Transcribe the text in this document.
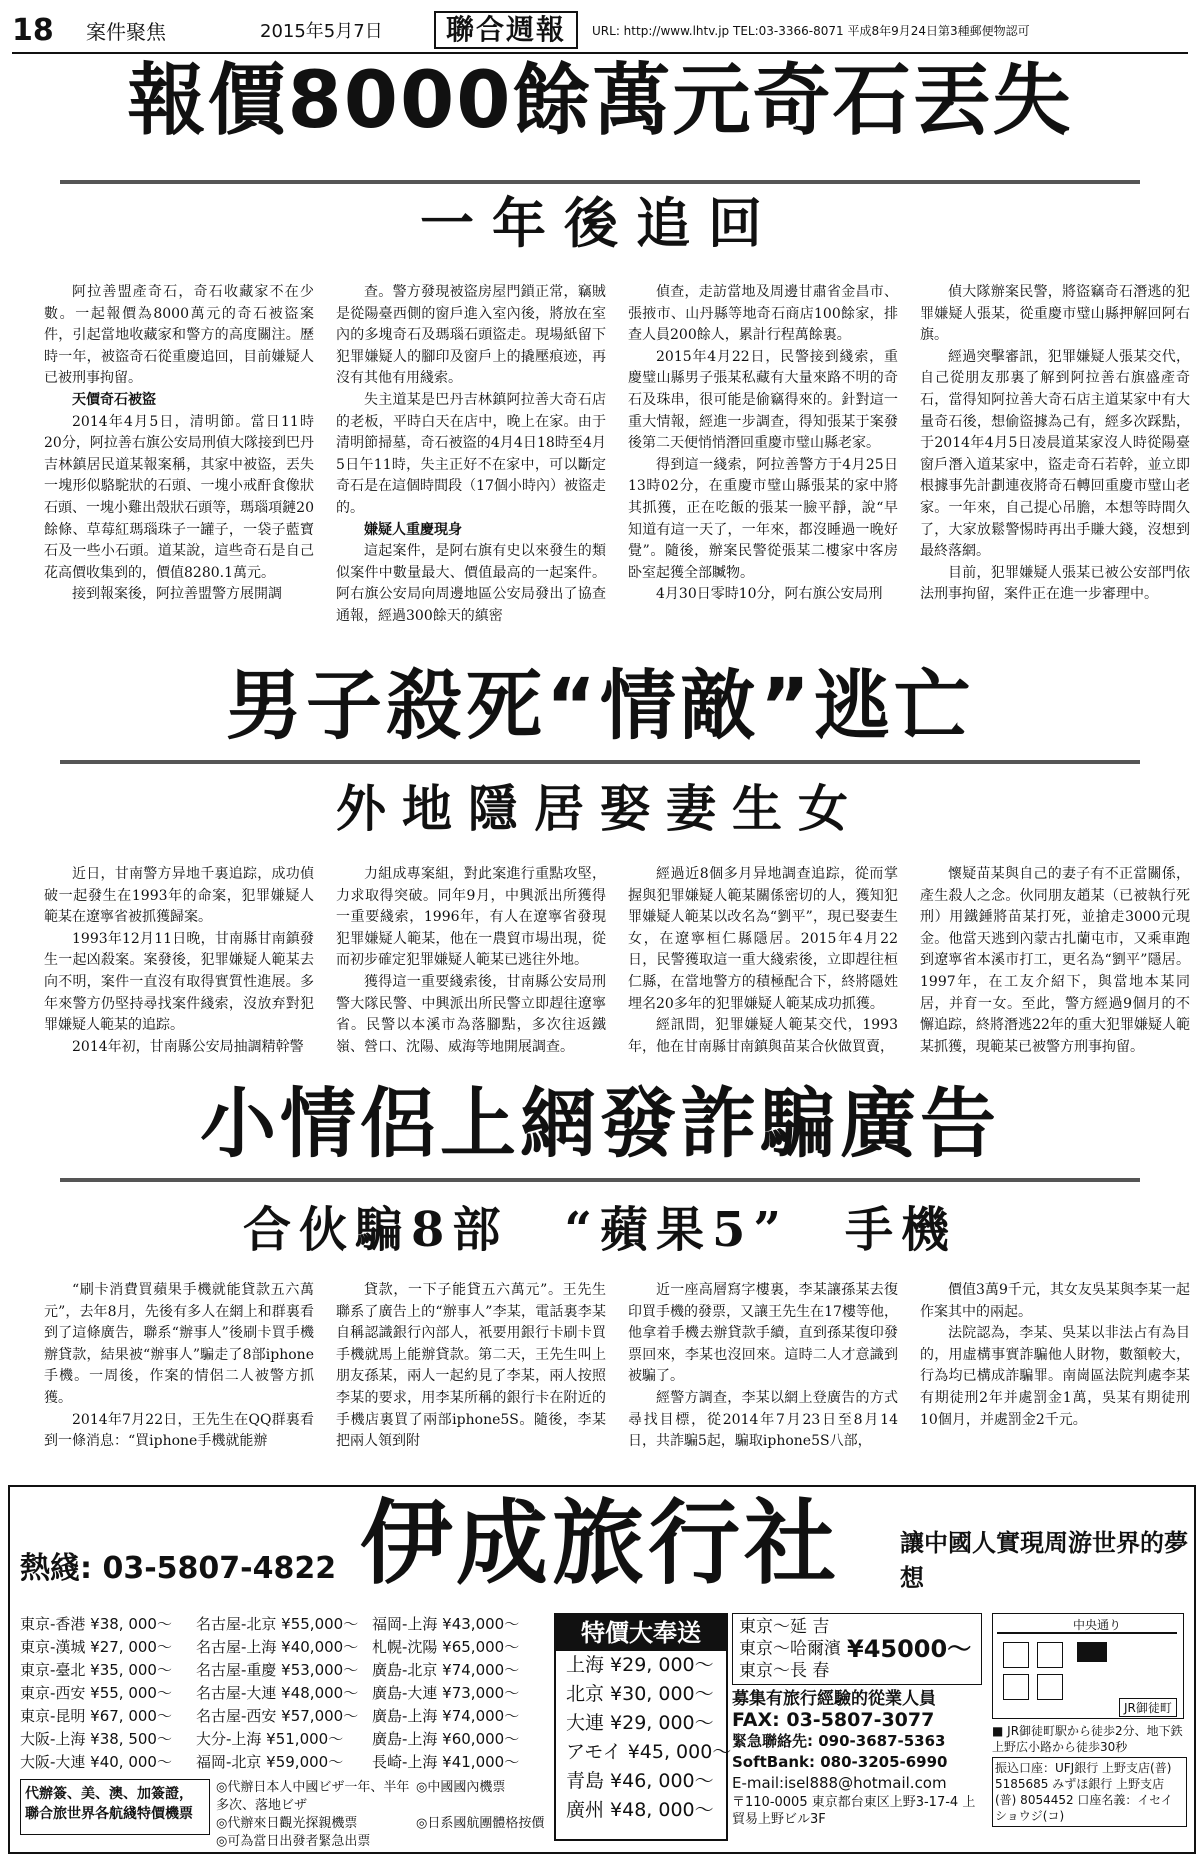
18	案件聚焦	2015年5月7日	聯合週報	URL: http://www.lhtv.jp TEL:03-3366-8071 平成8年9月24日第3種郵便物認可
報價8000餘萬元奇石丟失
一年後追回

阿拉善盟產奇石，奇石收藏家不在少數。一起報價為8000萬元的奇石被盜案件，引起當地收藏家和警方的高度關注。歷時一年，被盜奇石從重慶追回，目前嫌疑人已被刑事拘留。

天價奇石被盜

2014年4月5日，清明節。當日11時20分，阿拉善右旗公安局刑偵大隊接到巴丹吉林鎮居民道某報案稱，其家中被盜，丟失一塊形似駱駝狀的石頭、一塊小戒酐食像狀石頭、一塊小雞出殼狀石頭等，瑪瑙項鏈20餘條、草莓紅瑪瑙珠子一罐子，一袋子藍寶石及一些小石頭。道某說，這些奇石是自己花高價收集到的，價值8280.1萬元。

接到報案後，阿拉善盟警方展開調

查。警方發現被盜房屋門鎖正常，竊賊是從陽臺西側的窗戶進入室內後，將放在室內的多塊奇石及瑪瑙石頭盜走。現場紙留下犯罪嫌疑人的腳印及窗戶上的撬壓痕迹，再沒有其他有用綫索。

失主道某是巴丹吉林鎮阿拉善大奇石店的老板，平時白天在店中，晚上在家。由于清明節掃墓，奇石被盜的4月4日18時至4月5日午11時，失主正好不在家中，可以斷定奇石是在這個時間段（17個小時內）被盜走的。

嫌疑人重慶現身

這起案件，是阿右旗有史以來發生的類似案件中數量最大、價值最高的一起案件。阿右旗公安局向周邊地區公安局發出了協查通報，經過300餘天的縝密

偵查，走訪當地及周邊甘肅省金昌市、張掖市、山丹縣等地奇石商店100餘家，排查人員200餘人，累計行程萬餘裏。

2015年4月22日，民警接到綫索，重慶璧山縣男子張某私藏有大量來路不明的奇石及珠串，很可能是偷竊得來的。針對這一重大情報，經進一步調查，得知張某于案發後第二天便悄悄潛回重慶市璧山縣老家。

得到這一綫索，阿拉善警方于4月25日13時02分，在重慶市璧山縣張某的家中將其抓獲，正在吃飯的張某一臉平靜，說“早知道有這一天了，一年來，都沒睡過一晚好覺”。隨後，辦案民警從張某二樓家中客房卧室起獲全部贓物。

4月30日零時10分，阿右旗公安局刑

偵大隊辦案民警，將盜竊奇石潛逃的犯罪嫌疑人張某，從重慶市璧山縣押解回阿右旗。

經過突擊審訊，犯罪嫌疑人張某交代，自己從朋友那裏了解到阿拉善右旗盛產奇石，當得知阿拉善大奇石店主道某家中有大量奇石後，想偷盜據為己有，經多次踩點，于2014年4月5日凌晨道某家沒人時從陽臺窗戶潛入道某家中，盜走奇石若幹，並立即根據事先計劃連夜將奇石轉回重慶市璧山老家。一年來，自己提心吊膽，本想等時間久了，大家放鬆警惕時再出手賺大錢，沒想到最終落網。

目前，犯罪嫌疑人張某已被公安部門依法刑事拘留，案件正在進一步審理中。

男子殺死“情敵”逃亡
外地隱居娶妻生女

近日，甘南警方异地千裏追踪，成功偵破一起發生在1993年的命案，犯罪嫌疑人範某在遼寧省被抓獲歸案。

1993年12月11日晚，甘南縣甘南鎮發生一起凶殺案。案發後，犯罪嫌疑人範某去向不明，案件一直沒有取得實質性進展。多年來警方仍堅持尋找案件綫索，沒放弃對犯罪嫌疑人範某的追踪。

2014年初，甘南縣公安局抽調精幹警

力組成專案組，對此案進行重點攻堅，力求取得突破。同年9月，中興派出所獲得一重要綫索，1996年，有人在遼寧省發現犯罪嫌疑人範某，他在一農貿市場出現，從而初步確定犯罪嫌疑人範某已逃往外地。

獲得這一重要綫索後，甘南縣公安局刑警大隊民警、中興派出所民警立即趕往遼寧省。民警以本溪市為落腳點，多次往返鐵嶺、營口、沈陽、威海等地開展調查。

經過近8個多月异地調查追踪，從而掌握與犯罪嫌疑人範某關係密切的人，獲知犯罪嫌疑人範某以改名為“劉平”，現已娶妻生女，在遼寧桓仁縣隱居。2015年4月22日，民警獲取這一重大綫索後，立即趕往桓仁縣，在當地警方的積極配合下，終將隱姓埋名20多年的犯罪嫌疑人範某成功抓獲。

經訊問，犯罪嫌疑人範某交代，1993年，他在甘南縣甘南鎮與苗某合伙做買賣，

懷疑苗某與自己的妻子有不正當關係，產生殺人之念。伙同朋友趙某（已被執行死刑）用鐵錘將苗某打死，並搶走3000元現金。他當天逃到內蒙古扎蘭屯市，又乘車跑到遼寧省本溪市打工，更名為“劉平”隱居。1997年，在工友介紹下，與當地本某同居，并育一女。至此，警方經過9個月的不懈追踪，終將潛逃22年的重大犯罪嫌疑人範某抓獲，現範某已被警方刑事拘留。

小情侶上網發詐騙廣告
合伙騙8部　“蘋果5”　手機

“刷卡消費買蘋果手機就能貸款五六萬元”，去年8月，先後有多人在網上和群裏看到了這條廣告，聯系“辦事人”後刷卡買手機辦貸款，結果被“辦事人”騙走了8部iphone手機。一周後，作案的情侶二人被警方抓獲。

2014年7月22日，王先生在QQ群裏看到一條消息：“買iphone手機就能辦

貸款，一下子能貸五六萬元”。王先生聯系了廣告上的“辦事人”李某，電話裏李某自稱認識銀行內部人，衹要用銀行卡刷卡買手機就馬上能辦貸款。第二天，王先生叫上朋友孫某，兩人一起約見了李某，兩人按照李某的要求，用李某所稱的銀行卡在附近的手機店裏買了兩部iphone5S。隨後，李某把兩人領到附

近一座高層寫字樓裏，李某讓孫某去復印買手機的發票，又讓王先生在17樓等他，他拿着手機去辦貸款手續，直到孫某復印發票回來，李某也沒回來。這時二人才意識到被騙了。

經警方調查，李某以網上登廣告的方式尋找目標，從2014年7月23日至8月14日，共詐騙5起，騙取iphone5S八部，

價值3萬9千元，其女友吳某與李某一起作案其中的兩起。

法院認為，李某、吳某以非法占有為目的，用虛構事實詐騙他人財物，數額較大，行為均已構成詐騙罪。南崗區法院判處李某有期徒刑2年并處罰金1萬，吳某有期徒刑10個月，并處罰金2千元。

熱綫: 03-5807-4822 伊成旅行社 讓中國人實現周游世界的夢想
東京-香港 ¥38, 000～	名古屋-北京 ¥55,000～ 福岡-上海 ¥43,000～
東京-漢城 ¥27, 000～	名古屋-上海 ¥40,000～ 札幌-沈陽 ¥65,000～
東京-臺北 ¥35, 000～	名古屋-重慶 ¥53,000～ 廣島-北京 ¥74,000～
東京-西安 ¥55, 000～	名古屋-大連 ¥48,000～ 廣島-大連 ¥73,000～
東京-昆明 ¥67, 000～	名古屋-西安 ¥57,000～ 廣島-上海 ¥74,000～
大阪-上海 ¥38, 500～	大分-上海 ¥51,000～	廣島-上海 ¥60,000～
大阪-大連 ¥40, 000～	福岡-北京 ¥59,000～	長崎-上海 ¥41,000～
特價大奉送
上海 ¥29, 000～
北京 ¥30, 000～
大連 ¥29, 000～
アモイ ¥45, 000～
青島 ¥46, 000～
廣州 ¥48, 000～
東京～延 吉
東京～哈爾濱
東京～長 春
¥45000～
募集有旅行經驗的從業人員
FAX: 03-5807-3077
緊急聯絡先: 090-3687-5363
SoftBank: 080-3205-6990
E-mail:isel888@hotmail.com
〒110-0005 東京都台東区上野3-17-4 上貿易上野ビル3F
中央通り
JR御徒町
■ JR御徒町駅から徒歩2分、地下鉄上野広小路から徒歩30秒
振込口座：UFJ銀行 上野支店(普) 5185685 みずほ銀行 上野支店(普) 8054452 口座名義：イセイショウジ(コ)
代辦簽、美、澳、加簽證，聯合旅世界各航綫特價機票
◎代辦日本人中國ビザ一年、半年多次、落地ビザ
◎中國國內機票
◎代辦來日觀光探親機票	◎日系國航團體格按價
◎可為當日出發者緊急出票
